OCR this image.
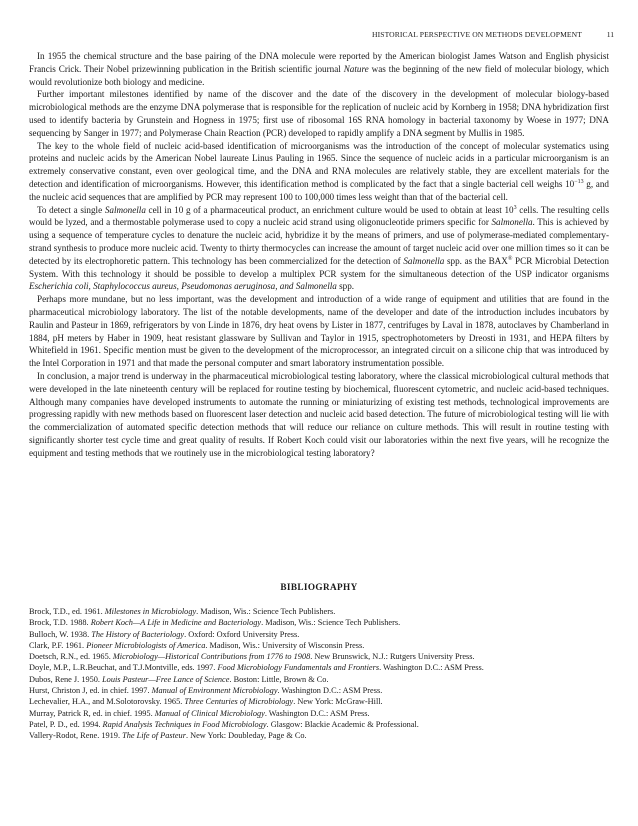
HISTORICAL PERSPECTIVE ON METHODS DEVELOPMENT	11

In 1955 the chemical structure and the base pairing of the DNA molecule were reported by the American biologist James Watson and English physicist Francis Crick. Their Nobel prizewinning publication in the British scientific journal Nature was the beginning of the new field of molecular biology, which would revolutionize both biology and medicine.

Further important milestones identified by name of the discover and the date of the discovery in the development of molecular biology-based microbiological methods are the enzyme DNA polymerase that is responsible for the replication of nucleic acid by Kornberg in 1958; DNA hybridization first used to identify bacteria by Grunstein and Hogness in 1975; first use of ribosomal 16S RNA homology in bacterial taxonomy by Woese in 1977; DNA sequencing by Sanger in 1977; and Polymerase Chain Reaction (PCR) developed to rapidly amplify a DNA segment by Mullis in 1985.

The key to the whole field of nucleic acid-based identification of microorganisms was the introduction of the concept of molecular systematics using proteins and nucleic acids by the American Nobel laureate Linus Pauling in 1965. Since the sequence of nucleic acids in a particular microorganism is an extremely conservative constant, even over geological time, and the DNA and RNA molecules are relatively stable, they are excellent materials for the detection and identification of microorganisms. However, this identification method is complicated by the fact that a single bacterial cell weighs $10^{-13}$ g, and the nucleic acid sequences that are amplified by PCR may represent 100 to 100,000 times less weight than that of the bacterial cell.

To detect a single Salmonella cell in 10 g of a pharmaceutical product, an enrichment culture would be used to obtain at least $10^3$ cells. The resulting cells would be lyzed, and a thermostable polymerase used to copy a nucleic acid strand using oligonucleotide primers specific for Salmonella. This is achieved by using a sequence of temperature cycles to denature the nucleic acid, hybridize it by the means of primers, and use of polymerase-mediated complementary-strand synthesis to produce more nucleic acid. Twenty to thirty thermocycles can increase the amount of target nucleic acid over one million times so it can be detected by its electrophoretic pattern. This technology has been commercialized for the detection of Salmonella spp. as the BAX® PCR Microbial Detection System. With this technology it should be possible to develop a multiplex PCR system for the simultaneous detection of the USP indicator organisms Escherichia coli, Staphylococcus aureus, Pseudomonas aeruginosa, and Salmonella spp.

Perhaps more mundane, but no less important, was the development and introduction of a wide range of equipment and utilities that are found in the pharmaceutical microbiology laboratory. The list of the notable developments, name of the developer and date of the introduction includes incubators by Raulin and Pasteur in 1869, refrigerators by von Linde in 1876, dry heat ovens by Lister in 1877, centrifuges by Laval in 1878, autoclaves by Chamberland in 1884, pH meters by Haber in 1909, heat resistant glassware by Sullivan and Taylor in 1915, spectrophotometers by Dreosti in 1931, and HEPA filters by Whitefield in 1961. Specific mention must be given to the development of the microprocessor, an integrated circuit on a silicone chip that was introduced by the Intel Corporation in 1971 and that made the personal computer and smart laboratory instrumentation possible.

In conclusion, a major trend is underway in the pharmaceutical microbiological testing laboratory, where the classical microbiological cultural methods that were developed in the late nineteenth century will be replaced for routine testing by biochemical, fluorescent cytometric, and nucleic acid-based techniques. Although many companies have developed instruments to automate the running or miniaturizing of existing test methods, technological improvements are progressing rapidly with new methods based on fluorescent laser detection and nucleic acid based detection. The future of microbiological testing will lie with the commercialization of automated specific detection methods that will reduce our reliance on culture methods. This will result in routine testing with significantly shorter test cycle time and great quality of results. If Robert Koch could visit our laboratories within the next five years, will he recognize the equipment and testing methods that we routinely use in the microbiological testing laboratory?

BIBLIOGRAPHY
Brock, T.D., ed. 1961. Milestones in Microbiology. Madison, Wis.: Science Tech Publishers.
Brock, T.D. 1988. Robert Koch—A Life in Medicine and Bacteriology. Madison, Wis.: Science Tech Publishers.
Bulloch, W. 1938. The History of Bacteriology. Oxford: Oxford University Press.
Clark, P.F. 1961. Pioneer Microbiologists of America. Madison, Wis.: University of Wisconsin Press.
Doetsch, R.N., ed. 1965. Microbiology—Historical Contributions from 1776 to 1908. New Brunswick, N.J.: Rutgers University Press.
Doyle, M.P., L.R.Beuchat, and T.J.Montville, eds. 1997. Food Microbiology Fundamentals and Frontiers. Washington D.C.: ASM Press.
Dubos, Rene J. 1950. Louis Pasteur—Free Lance of Science. Boston: Little, Brown & Co.
Hurst, Christon J, ed. in chief. 1997. Manual of Environment Microbiology. Washington D.C.: ASM Press.
Lechevalier, H.A., and M.Solotorovsky. 1965. Three Centuries of Microbiology. New York: McGraw-Hill.
Murray, Patrick R, ed. in chief. 1995. Manual of Clinical Microbiology. Washington D.C.: ASM Press.
Patel, P. D., ed. 1994. Rapid Analysis Techniques in Food Microbiology. Glasgow: Blackie Academic & Professional.
Vallery-Rodot, Rene. 1919. The Life of Pasteur. New York: Doubleday, Page & Co.
